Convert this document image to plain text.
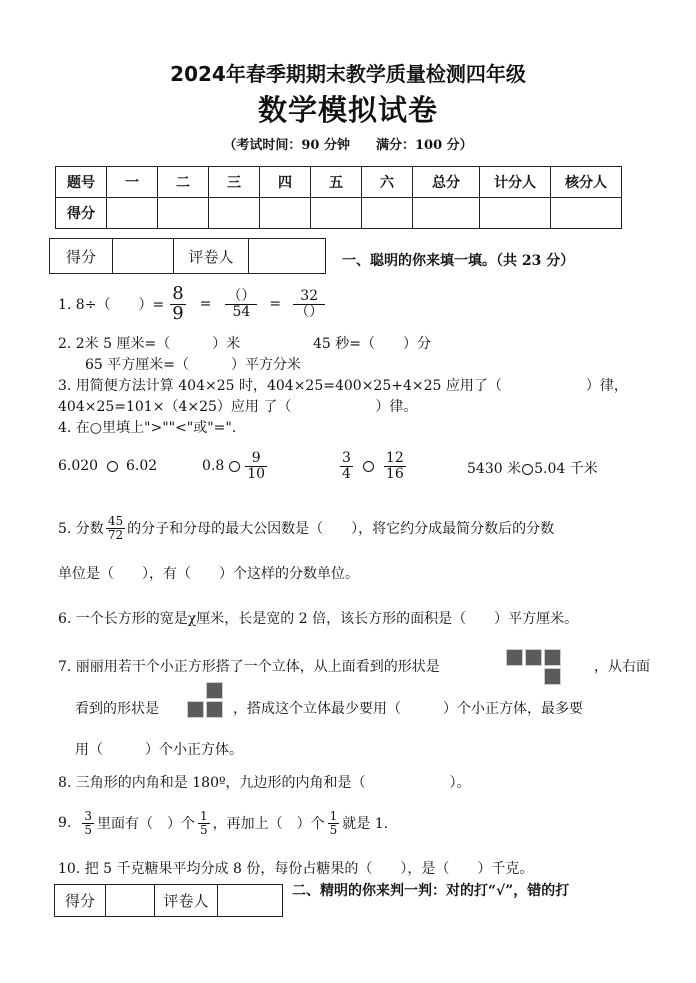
2024年春季期期末教学质量检测四年级
数学模拟试卷
（考试时间：90 分钟　　满分：100 分）
题号	一	二	三	四	五	六	总分	计分人	核分人
得分									
得分		评卷人		一、聪明的你来填一填。（共 23 分）
1. 8÷（　　）= $\frac{8}{9} = \frac{()}{54} = \frac{32}{()}$
2. 2米 5 厘米=（　　　）米	45 秒=（　　）分
65 平方厘米=（　　　）平方分米
3. 用简便方法计算 404×25 时，404×25=400×25+4×25 应用了（　　　　　　）律，
404×25=101×（4×25）应用 了（　　　　　　）律。
4. 在○里填上">""<"或"=".
6.020 6.02	$0.8 \frac{9}{10}$	$\frac{3}{4} \frac{12}{16}$	5430 米 5.04 千米
5. 分数 $\frac{45}{72}$ 的分子和分母的最大公因数是（　　），将它约分成最简分数后的分数
单位是（　　），有（　　）个这样的分数单位。
6. 一个长方形的宽是χ厘米，长是宽的 2 倍，该长方形的面积是（　　）平方厘米。
7. 丽丽用若干个小正方形搭了一个立体，从上面看到的形状是	，从右面
看到的形状是	，搭成这个立体最少要用（　　　）个小正方体，最多要
用（　　　）个小正方体。
8. 三角形的内角和是 180º，九边形的内角和是（　　　　　　）。
9. $\frac{3}{5}$ 里面有（　）个 $\frac{1}{5}$ ，再加上（　）个 $\frac{1}{5}$ 就是 1.
10. 把 5 千克糖果平均分成 8 份，每份占糖果的（　　），是（　　）千克。
得分		评卷人	
二、精明的你来判一判：对的打“√”，错的打
